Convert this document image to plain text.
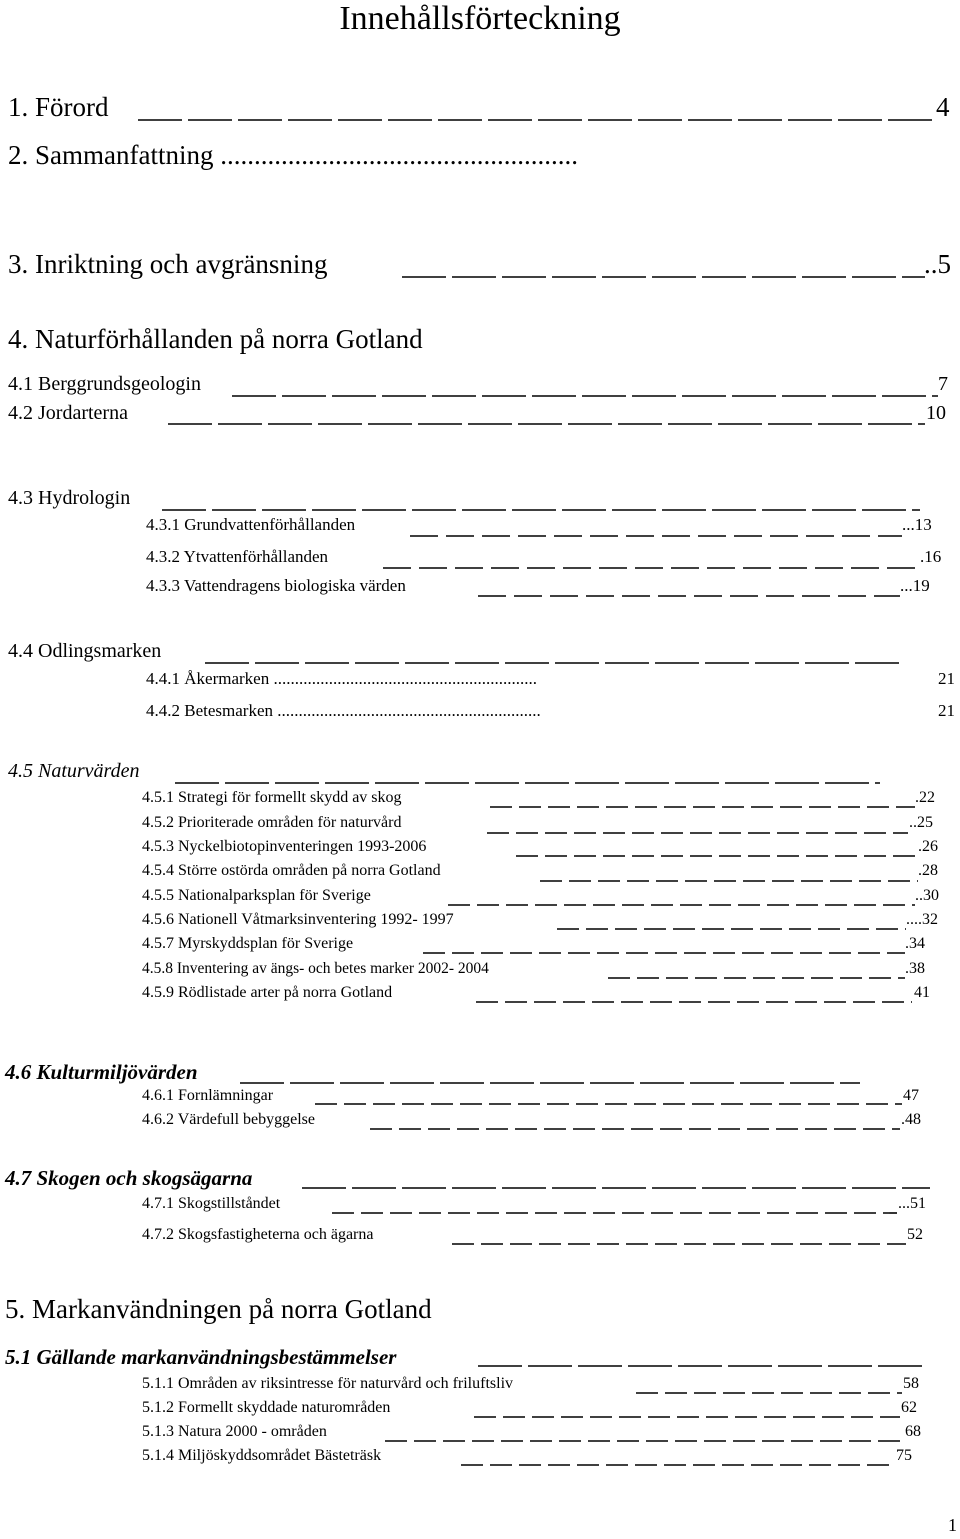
Innehållsförteckning
1. Förord	4
2. Sammanfattning .....................................................
3. Inriktning och avgränsning	..5
4. Naturförhållanden på norra Gotland
4.1 Berggrundsgeologin	7
4.2 Jordarterna	10
4.3 Hydrologin
4.3.1 Grundvattenförhållanden	...13
4.3.2 Ytvattenförhållanden	.16
4.3.3 Vattendragens biologiska värden	...19
4.4 Odlingsmarken
4.4.1 Åkermarken ..............................................................	21
4.4.2 Betesmarken ..............................................................	21
4.5 Naturvärden
4.5.1 Strategi för formellt skydd av skog	.22
4.5.2 Prioriterade områden för naturvård	..25
4.5.3 Nyckelbiotopinventeringen 1993-2006	.26
4.5.4 Större ostörda områden på norra Gotland	.28
4.5.5 Nationalparksplan för Sverige	..30
4.5.6 Nationell Våtmarksinventering 1992- 1997	....32
4.5.7 Myrskyddsplan för Sverige	.34
4.5.8 Inventering av ängs- och betes marker 2002- 2004	.38
4.5.9 Rödlistade arter på norra Gotland	41
4.6 Kulturmiljövärden
4.6.1 Fornlämningar	47
4.6.2 Värdefull bebyggelse	.48
4.7 Skogen och skogsägarna
4.7.1 Skogstillståndet	...51
4.7.2 Skogsfastigheterna och ägarna	52
5. Markanvändningen på norra Gotland
5.1 Gällande markanvändningsbestämmelser
5.1.1 Områden av riksintresse för naturvård och friluftsliv	58
5.1.2 Formellt skyddade naturområden	62
5.1.3 Natura 2000 - områden	68
5.1.4 Miljöskyddsområdet Bästeträsk	75
1
